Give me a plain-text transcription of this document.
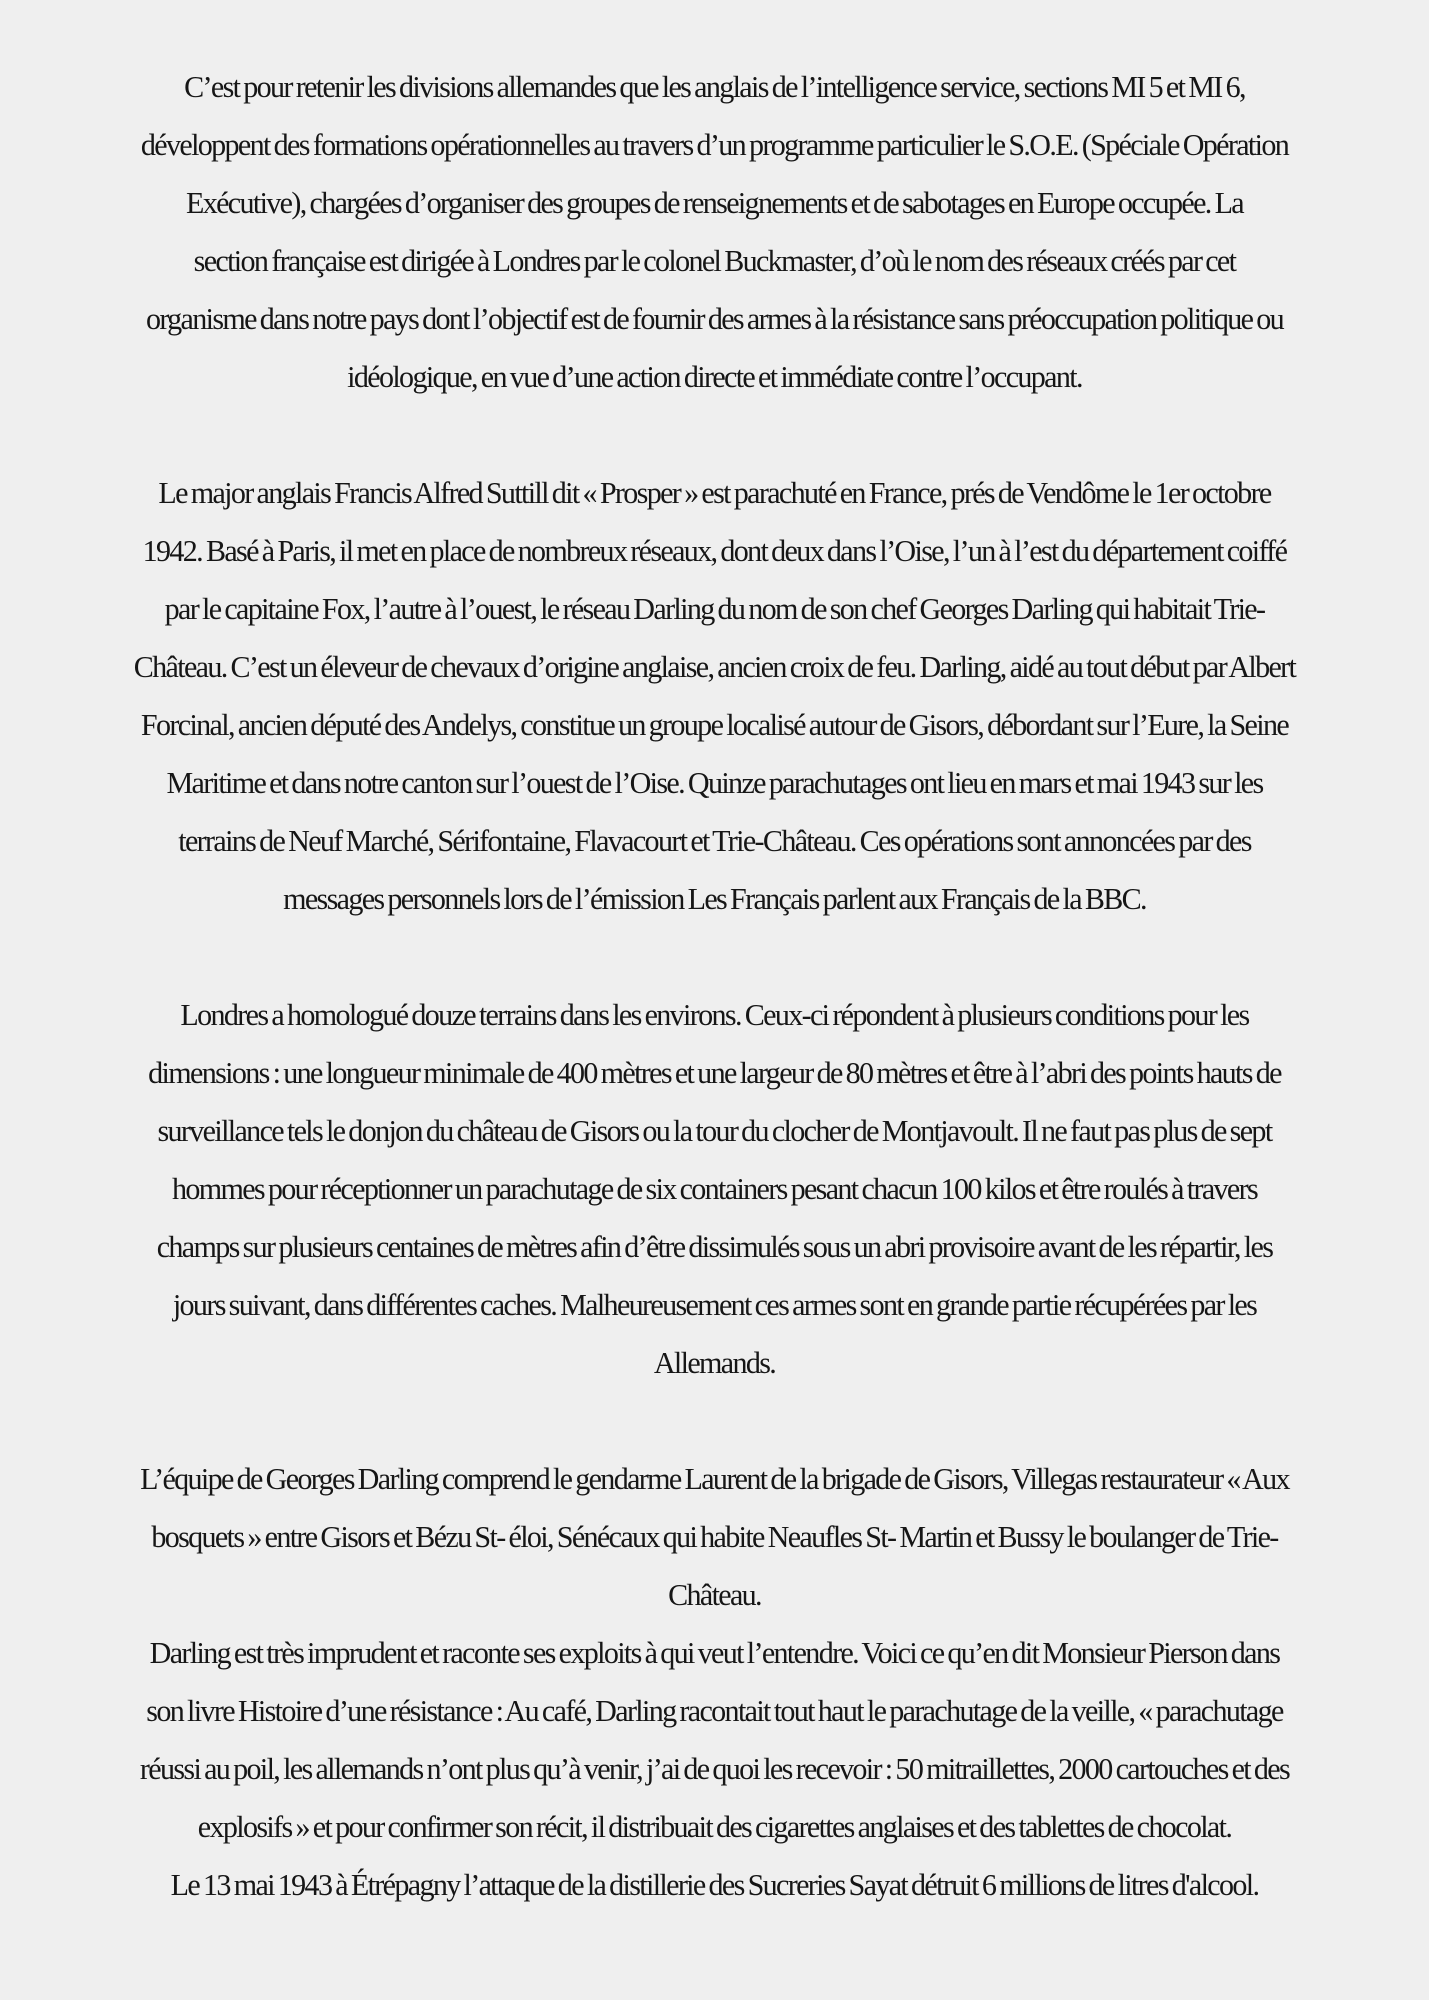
C’est pour retenir les divisions allemandes que les anglais de l’intelligence service, sections MI 5 et MI 6,
développent des formations opérationnelles au travers d’un programme particulier le S.O.E. (Spéciale Opération
Exécutive), chargées d’organiser des groupes de renseignements et de sabotages en Europe occupée. La
section française est dirigée à Londres par le colonel Buckmaster, d’où le nom des réseaux créés par cet
organisme dans notre pays dont l’objectif est de fournir des armes à la résistance sans préoccupation politique ou
idéologique, en vue d’une action directe et immédiate contre l’occupant.

Le major anglais Francis Alfred Suttill dit « Prosper » est parachuté en France, prés de Vendôme le 1er octobre
1942. Basé à Paris, il met en place de nombreux réseaux, dont deux dans l’Oise, l’un à l’est du département coiffé
par le capitaine Fox, l’autre à l’ouest, le réseau Darling du nom de son chef Georges Darling qui habitait Trie-
Château. C’est un éleveur de chevaux d’origine anglaise, ancien croix de feu. Darling, aidé au tout début par Albert
Forcinal, ancien député des Andelys, constitue un groupe localisé autour de Gisors, débordant sur l’Eure, la Seine
Maritime et dans notre canton sur l’ouest de l’Oise. Quinze parachutages ont lieu en mars et mai 1943 sur les
terrains de Neuf Marché, Sérifontaine, Flavacourt et Trie-Château. Ces opérations sont annoncées par des
messages personnels lors de l’émission Les Français parlent aux Français de la BBC.

Londres a homologué douze terrains dans les environs. Ceux-ci répondent à plusieurs conditions pour les
dimensions : une longueur minimale de 400 mètres et une largeur de 80 mètres et être à l’abri des points hauts de
surveillance tels le donjon du château de Gisors ou la tour du clocher de Montjavoult. Il ne faut pas plus de sept
hommes pour réceptionner un parachutage de six containers pesant chacun 100 kilos et être roulés à travers
champs sur plusieurs centaines de mètres afin d’être dissimulés sous un abri provisoire avant de les répartir, les
jours suivant, dans différentes caches. Malheureusement ces armes sont en grande partie récupérées par les
Allemands.

L’équipe de Georges Darling comprend le gendarme Laurent de la brigade de Gisors, Villegas restaurateur « Aux
bosquets » entre Gisors et Bézu St- éloi, Sénécaux qui habite Neaufles St- Martin et Bussy le boulanger de Trie-
Château.
Darling est très imprudent et raconte ses exploits à qui veut l’entendre. Voici ce qu’en dit Monsieur Pierson dans
son livre Histoire d’une résistance : Au café, Darling racontait tout haut le parachutage de la veille, « parachutage
réussi au poil, les allemands n’ont plus qu’à venir, j’ai de quoi les recevoir : 50 mitraillettes, 2000 cartouches et des
explosifs » et pour confirmer son récit, il distribuait des cigarettes anglaises et des tablettes de chocolat.
Le 13 mai 1943 à Étrépagny l’attaque de la distillerie des Sucreries Sayat détruit 6 millions de litres d'alcool.
